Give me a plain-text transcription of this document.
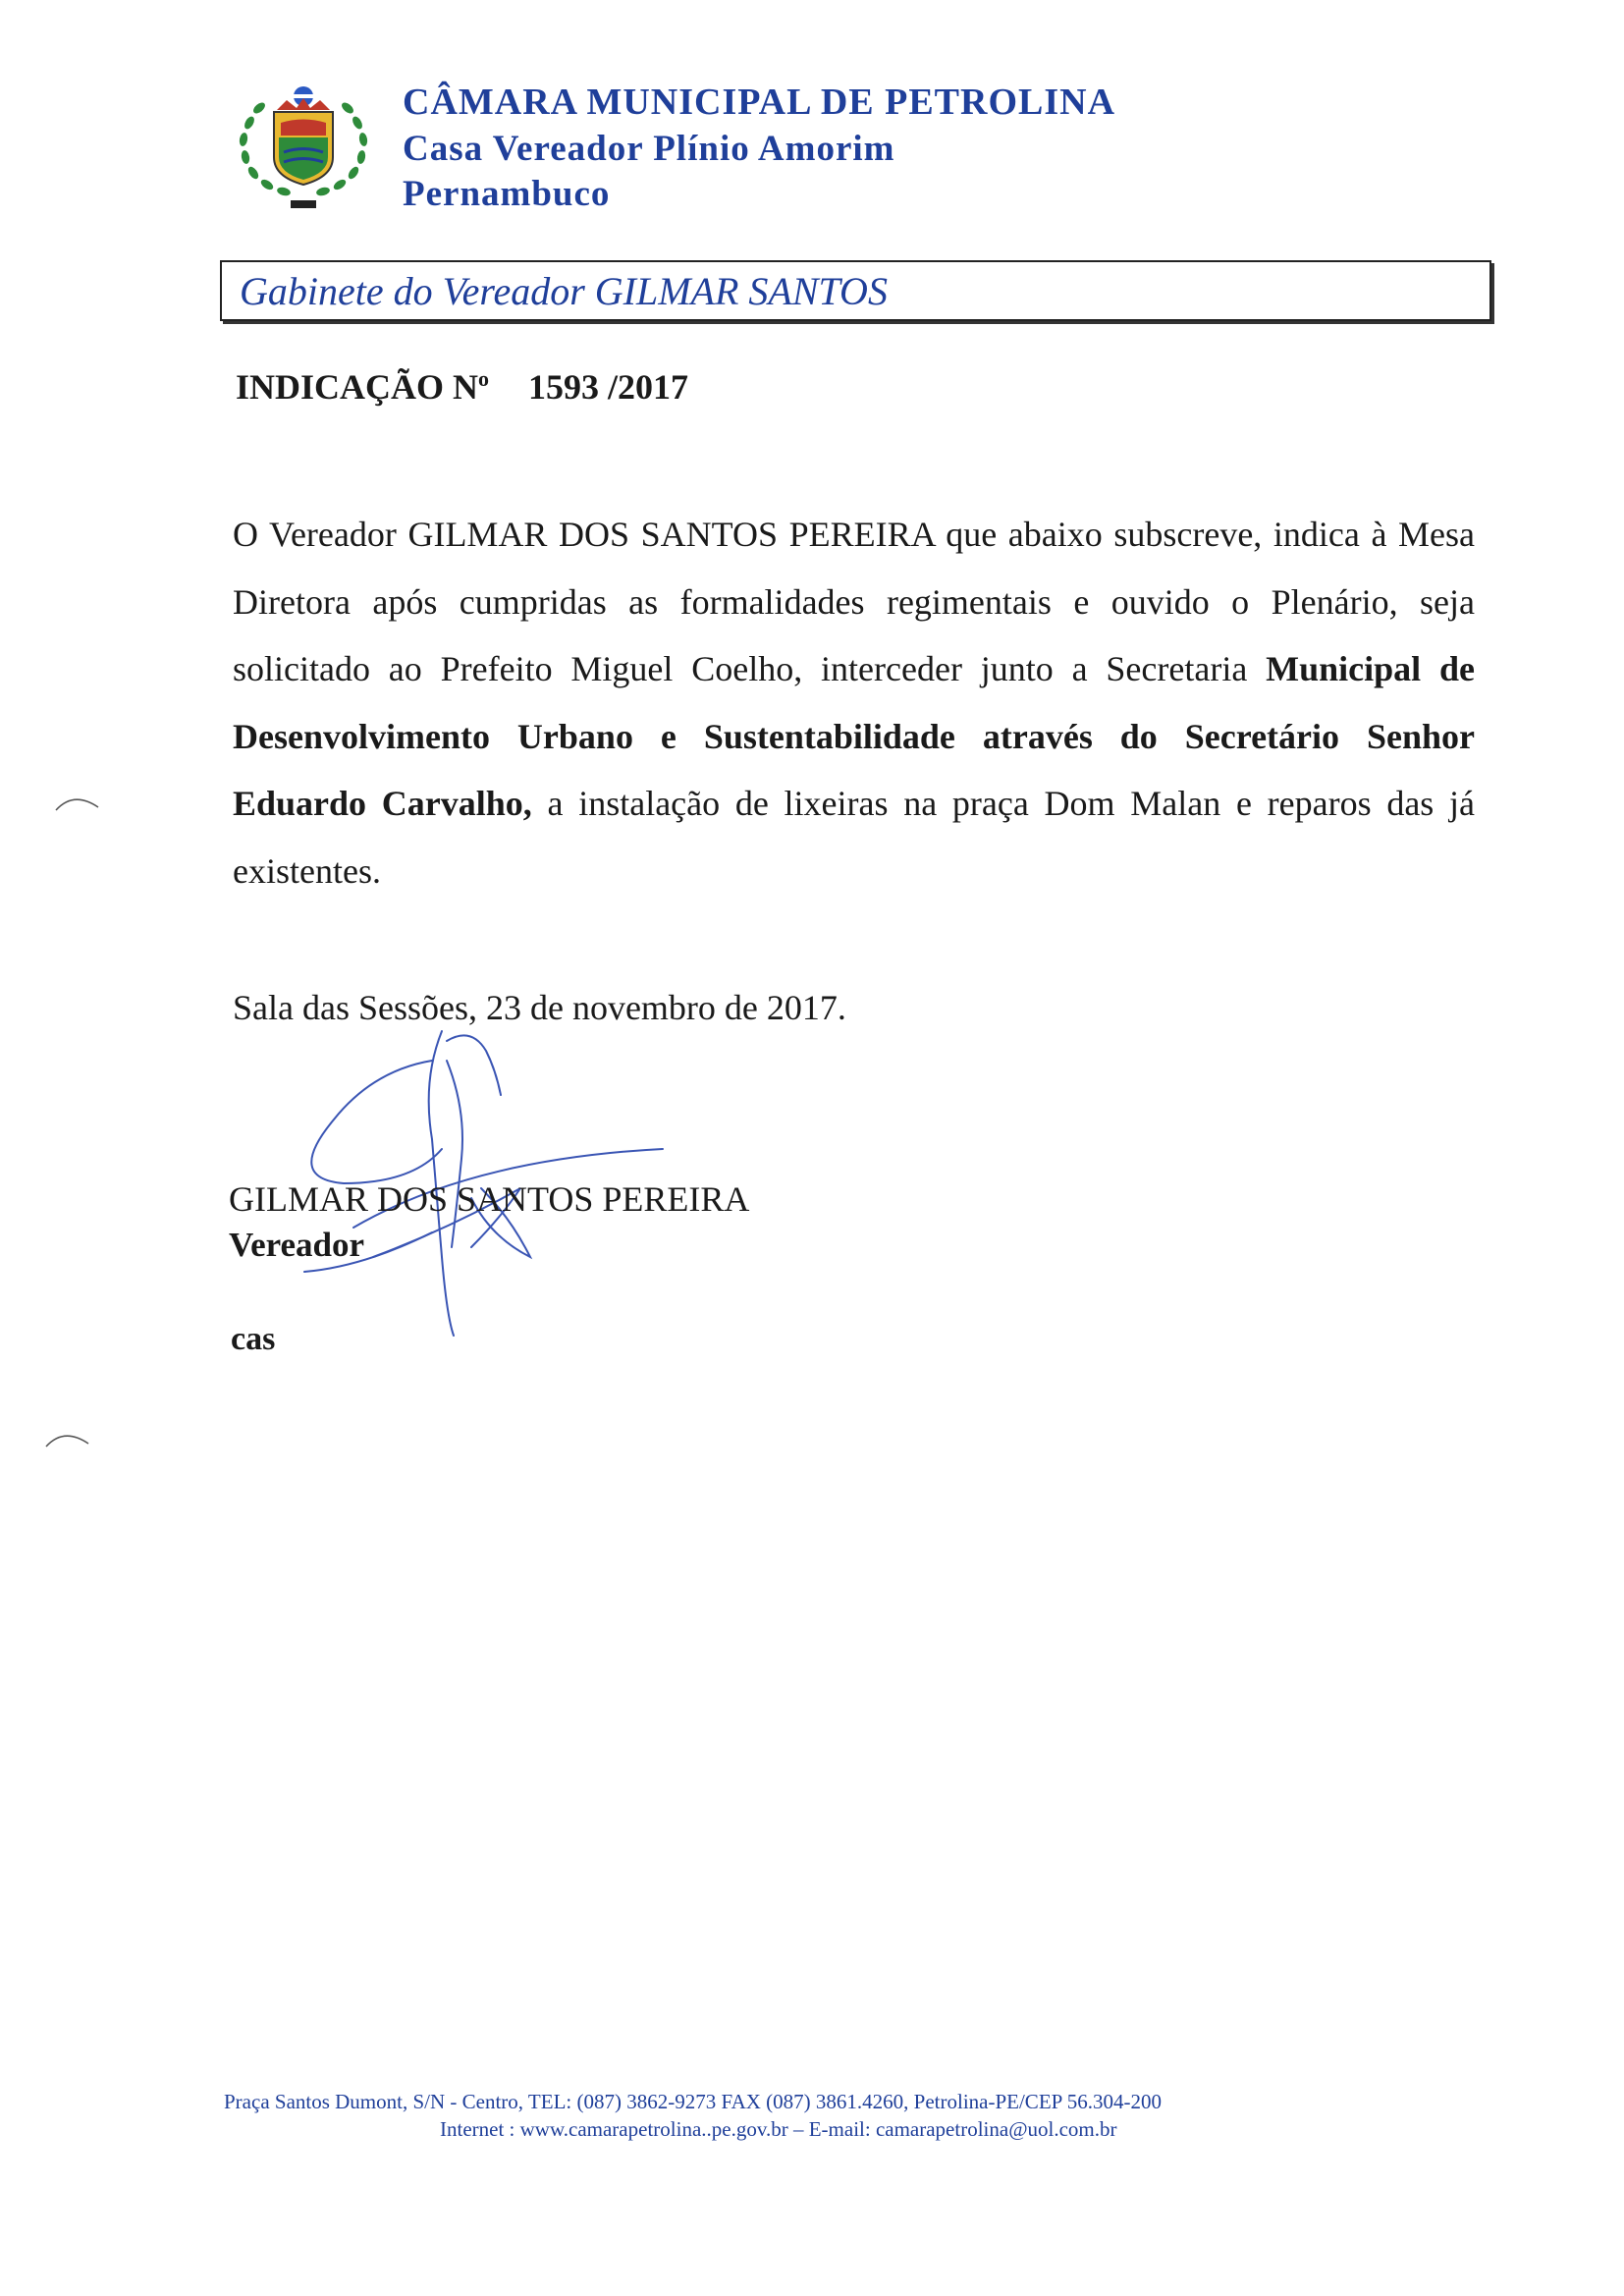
CÂMARA MUNICIPAL DE PETROLINA
Casa Vereador Plínio Amorim
Pernambuco
Gabinete do Vereador GILMAR SANTOS
INDICAÇÃO $N^o$ 1593 /2017
O Vereador GILMAR DOS SANTOS PEREIRA que abaixo subscreve, indica à Mesa Diretora após cumpridas as formalidades regimentais e ouvido o Plenário, seja solicitado ao Prefeito Miguel Coelho, interceder junto a Secretaria Municipal de Desenvolvimento Urbano e Sustentabilidade através do Secretário Senhor Eduardo Carvalho, a instalação de lixeiras na praça Dom Malan e reparos das já existentes.
Sala das Sessões, 23 de novembro de 2017.
GILMAR DOS SANTOS PEREIRA
Vereador
cas
Praça Santos Dumont, S/N - Centro, TEL: (087) 3862-9273 FAX (087) 3861.4260, Petrolina-PE/CEP 56.304-200
Internet : www.camarapetrolina..pe.gov.br – E-mail: camarapetrolina@uol.com.br
